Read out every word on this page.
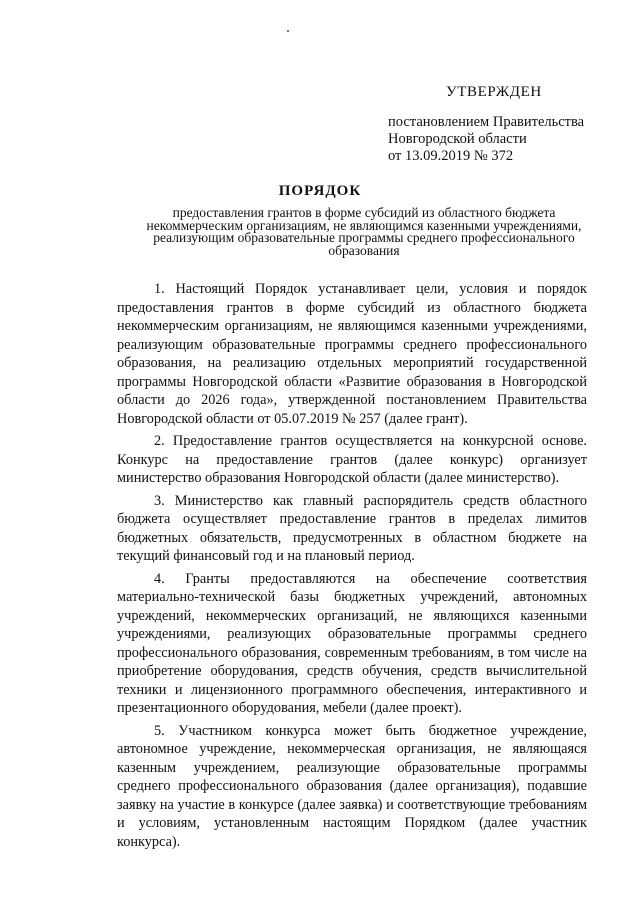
УТВЕРЖДЕН
постановлением Правительства
Новгородской области
от 13.09.2019 № 372
ПОРЯДОК
предоставления грантов в форме субсидий из областного бюджета некоммерческим организациям, не являющимся казенными учреждениями, реализующим образовательные программы среднего профессионального образования

1. Настоящий Порядок устанавливает цели, условия и порядок предоставления грантов в форме субсидий из областного бюджета некоммерческим организациям, не являющимся казенными учреждениями, реализующим образовательные программы среднего профессионального образования, на реализацию отдельных мероприятий государственной программы Новгородской области «Развитие образования в Новгородской области до 2026 года», утвержденной постановлением Правительства Новгородской области от 05.07.2019 № 257 (далее грант).

2. Предоставление грантов осуществляется на конкурсной основе. Конкурс на предоставление грантов (далее конкурс) организует министерство образования Новгородской области (далее министерство).

3. Министерство как главный распорядитель средств областного бюджета осуществляет предоставление грантов в пределах лимитов бюджетных обязательств, предусмотренных в областном бюджете на текущий финансовый год и на плановый период.

4. Гранты предоставляются на обеспечение соответствия материально-технической базы бюджетных учреждений, автономных учреждений, некоммерческих организаций, не являющихся казенными учреждениями, реализующих образовательные программы среднего профессионального образования, современным требованиям, в том числе на приобретение оборудования, средств обучения, средств вычислительной техники и лицензионного программного обеспечения, интерактивного и презентационного оборудования, мебели (далее проект).

5. Участником конкурса может быть бюджетное учреждение, автономное учреждение, некоммерческая организация, не являющаяся казенным учреждением, реализующие образовательные программы среднего профессионального образования (далее организация), подавшие заявку на участие в конкурсе (далее заявка) и соответствующие требованиям и условиям, установленным настоящим Порядком (далее участник конкурса).
